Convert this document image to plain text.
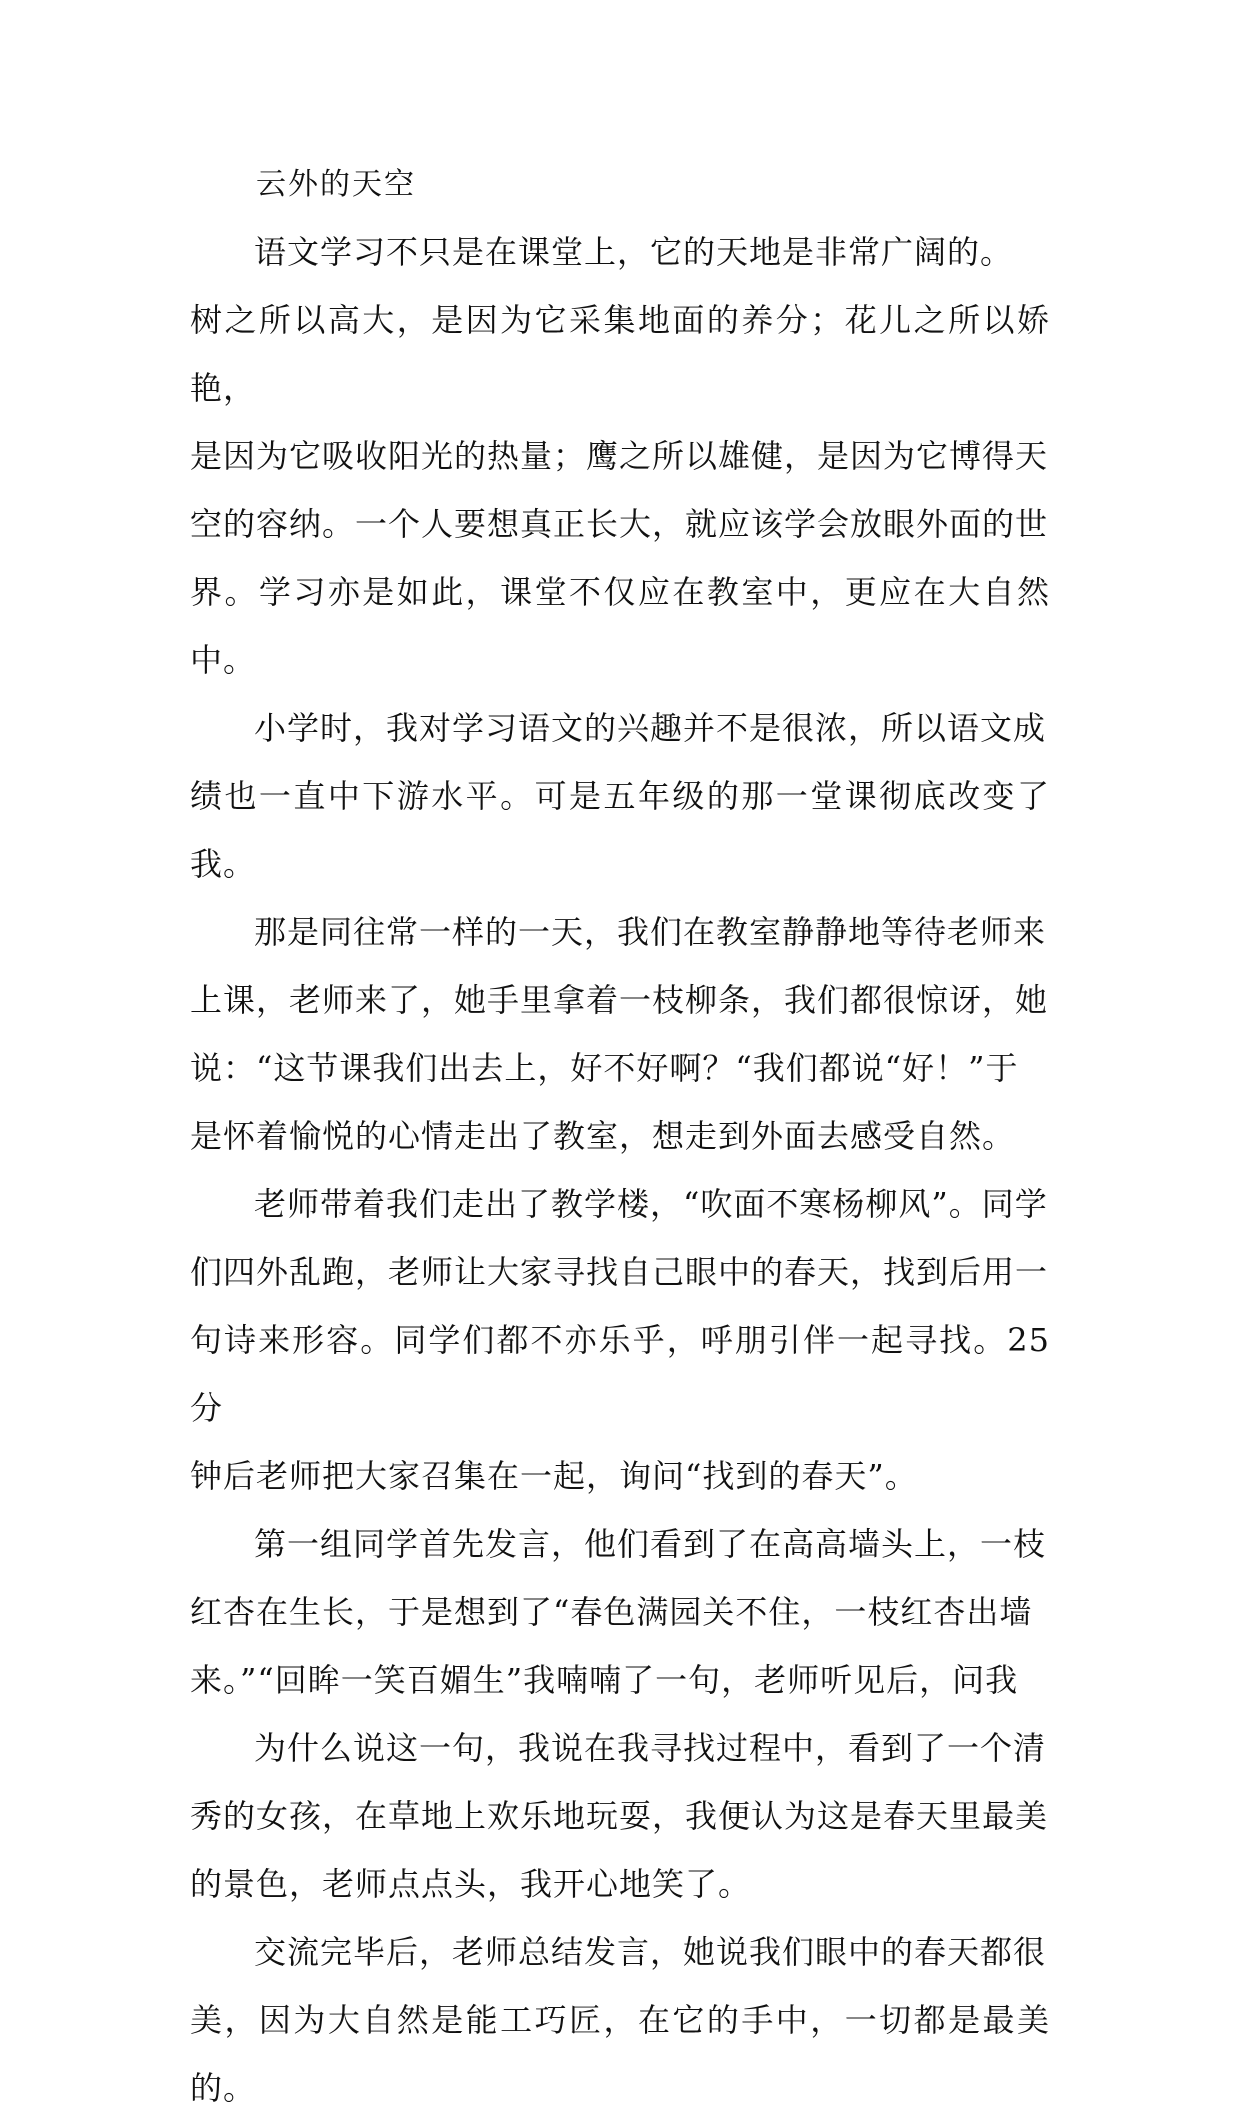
云外的天空

语文学习不只是在课堂上，它的天地是非常广阔的。
树之所以高大，是因为它采集地面的养分；花儿之所以娇艳，
是因为它吸收阳光的热量；鹰之所以雄健，是因为它博得天
空的容纳。一个人要想真正长大，就应该学会放眼外面的世
界。学习亦是如此，课堂不仅应在教室中，更应在大自然中。

小学时，我对学习语文的兴趣并不是很浓，所以语文成
绩也一直中下游水平。可是五年级的那一堂课彻底改变了我。

那是同往常一样的一天，我们在教室静静地等待老师来
上课，老师来了，她手里拿着一枝柳条，我们都很惊讶，她
说：“这节课我们出去上，好不好啊？“我们都说“好！”于
是怀着愉悦的心情走出了教室，想走到外面去感受自然。

老师带着我们走出了教学楼，“吹面不寒杨柳风”。同学
们四外乱跑，老师让大家寻找自己眼中的春天，找到后用一
句诗来形容。同学们都不亦乐乎，呼朋引伴一起寻找。25 分
钟后老师把大家召集在一起，询问“找到的春天”。

第一组同学首先发言，他们看到了在高高墙头上，一枝
红杏在生长，于是想到了“春色满园关不住，一枝红杏出墙
来。”“回眸一笑百媚生”我喃喃了一句，老师听见后，问我

为什么说这一句，我说在我寻找过程中，看到了一个清
秀的女孩，在草地上欢乐地玩耍，我便认为这是春天里最美
的景色，老师点点头，我开心地笑了。

交流完毕后，老师总结发言，她说我们眼中的春天都很
美，因为大自然是能工巧匠，在它的手中，一切都是最美的。
